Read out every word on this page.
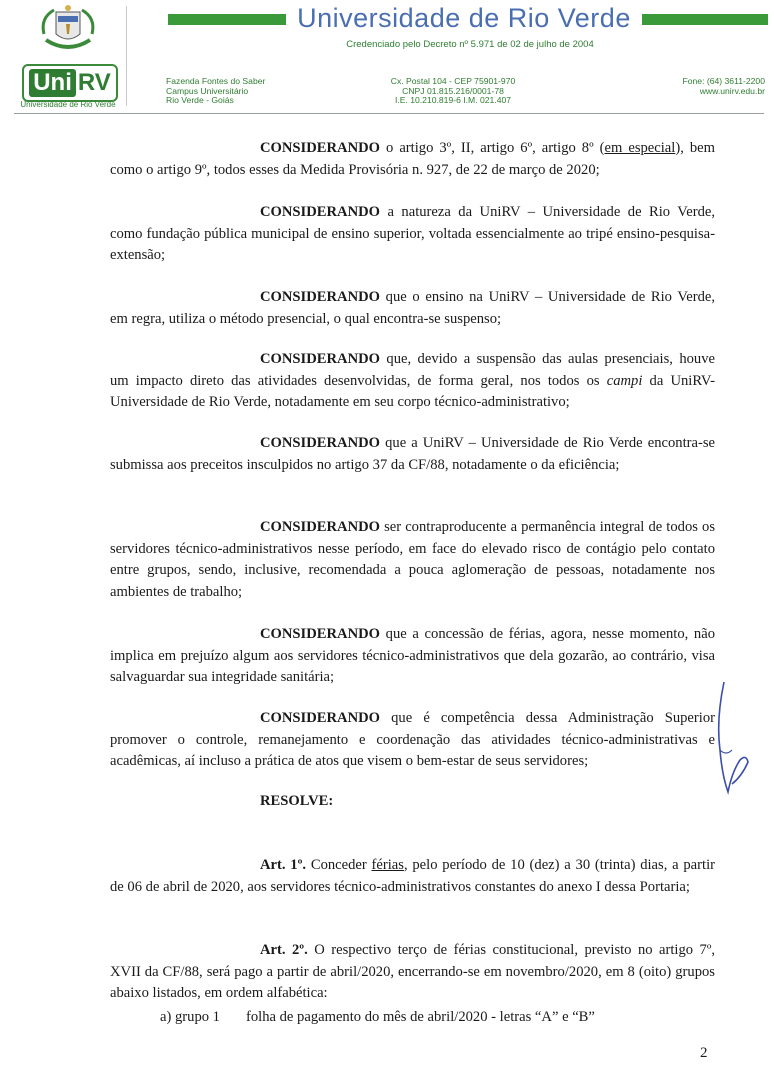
Uni RV
Universidade de Rio Verde
Universidade de Rio Verde
Credenciado pelo Decreto nº 5.971 de 02 de julho de 2004
Fazenda Fontes do Saber
Campus Universitário
Rio Verde - Goiás
Cx. Postal 104 - CEP 75901-970
CNPJ 01.815.216/0001-78
I.E. 10.210.819-6 I.M. 021.407
Fone: (64) 3611-2200
www.unirv.edu.br
CONSIDERANDO o artigo 3º, II, artigo 6º, artigo 8º (em especial), bem como o artigo 9º, todos esses da Medida Provisória n. 927, de 22 de março de 2020;
CONSIDERANDO a natureza da UniRV – Universidade de Rio Verde, como fundação pública municipal de ensino superior, voltada essencialmente ao tripé ensino-pesquisa-extensão;
CONSIDERANDO que o ensino na UniRV – Universidade de Rio Verde, em regra, utiliza o método presencial, o qual encontra-se suspenso;
CONSIDERANDO que, devido a suspensão das aulas presenciais, houve um impacto direto das atividades desenvolvidas, de forma geral, nos todos os campi da UniRV- Universidade de Rio Verde, notadamente em seu corpo técnico-administrativo;
CONSIDERANDO que a UniRV – Universidade de Rio Verde encontra-se submissa aos preceitos insculpidos no artigo 37 da CF/88, notadamente o da eficiência;
CONSIDERANDO ser contraproducente a permanência integral de todos os servidores técnico-administrativos nesse período, em face do elevado risco de contágio pelo contato entre grupos, sendo, inclusive, recomendada a pouca aglomeração de pessoas, notadamente nos ambientes de trabalho;
CONSIDERANDO que a concessão de férias, agora, nesse momento, não implica em prejuízo algum aos servidores técnico-administrativos que dela gozarão, ao contrário, visa salvaguardar sua integridade sanitária;
CONSIDERANDO que é competência dessa Administração Superior promover o controle, remanejamento e coordenação das atividades técnico-administrativas e acadêmicas, aí incluso a prática de atos que visem o bem-estar de seus servidores;
RESOLVE:
Art. 1º. Conceder férias, pelo período de 10 (dez) a 30 (trinta) dias, a partir de 06 de abril de 2020, aos servidores técnico-administrativos constantes do anexo I dessa Portaria;
Art. 2º. O respectivo terço de férias constitucional, previsto no artigo 7º, XVII da CF/88, será pago a partir de abril/2020, encerrando-se em novembro/2020, em 8 (oito) grupos abaixo listados, em ordem alfabética:
a) grupo 1 folha de pagamento do mês de abril/2020 - letras “A” e “B”
2
